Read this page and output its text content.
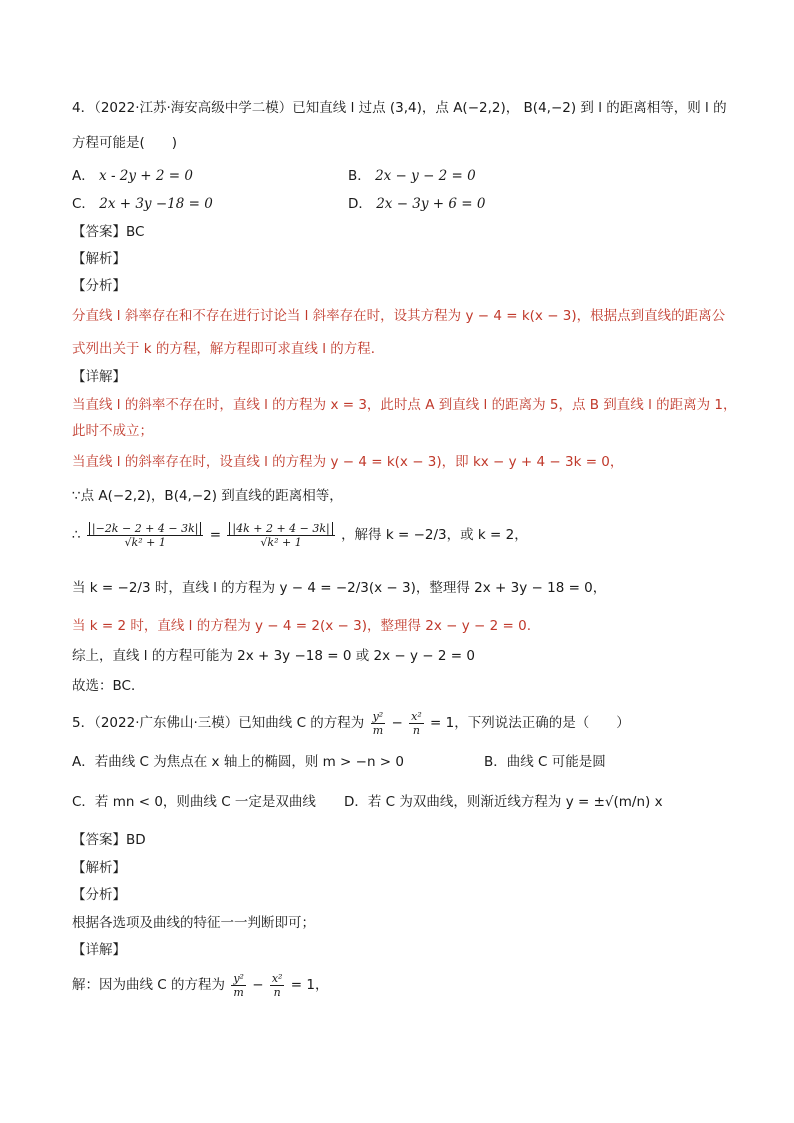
4．（2022·江苏·海安高级中学二模）已知直线 l 过点 (3,4)，点 A(−2,2)， B(4,−2) 到 l 的距离相等，则 l 的
方程可能是(　　)
A． x - 2y + 2 = 0	B． 2x − y − 2 = 0
C． 2x + 3y −18 = 0	D． 2x − 3y + 6 = 0
【答案】BC
【解析】
【分析】
分直线 l 斜率存在和不存在进行讨论当 l 斜率存在时，设其方程为 y − 4 = k(x − 3)，根据点到直线的距离公
式列出关于 k 的方程，解方程即可求直线 l 的方程．
【详解】
当直线 l 的斜率不存在时，直线 l 的方程为 x = 3，此时点 A 到直线 l 的距离为 5，点 B 到直线 l 的距离为 1，
此时不成立；
当直线 l 的斜率存在时，设直线 l 的方程为 y − 4 = k(x − 3)，即 kx − y + 4 − 3k = 0，
∵点 A(−2,2)，B(4,−2) 到直线的距离相等，
∴ $\frac{|-2k - 2 + 4 - 3k|}{\text{√k² + 1}} = \frac{|4k + 2 + 4 - 3k|}{\text{√k² + 1}}$ ，解得 k = −2/3，或 k = 2，
当 k = −2/3 时，直线 l 的方程为 y − 4 = −2/3(x − 3)，整理得 2x + 3y − 18 = 0，
当 k = 2 时，直线 l 的方程为 y − 4 = 2(x − 3)，整理得 2x − y − 2 = 0.
综上，直线 l 的方程可能为 2x + 3y −18 = 0 或 2x − y − 2 = 0
故选：BC．
5．（2022·广东佛山·三模）已知曲线 C 的方程为 $\frac{\text{y²}}{m} - \frac{\text{x²}}{n} = 1$，下列说法正确的是（　　）
A．若曲线 C 为焦点在 x 轴上的椭圆，则 m > −n > 0	B．曲线 C 可能是圆
C．若 mn < 0，则曲线 C 一定是双曲线 D．若 C 为双曲线，则渐近线方程为 y = ±√(m/n) x
【答案】BD
【解析】
【分析】
根据各选项及曲线的特征一一判断即可；
【详解】
解：因为曲线 C 的方程为 $\frac{\text{y²}}{m} - \frac{\text{x²}}{n} = 1$，
